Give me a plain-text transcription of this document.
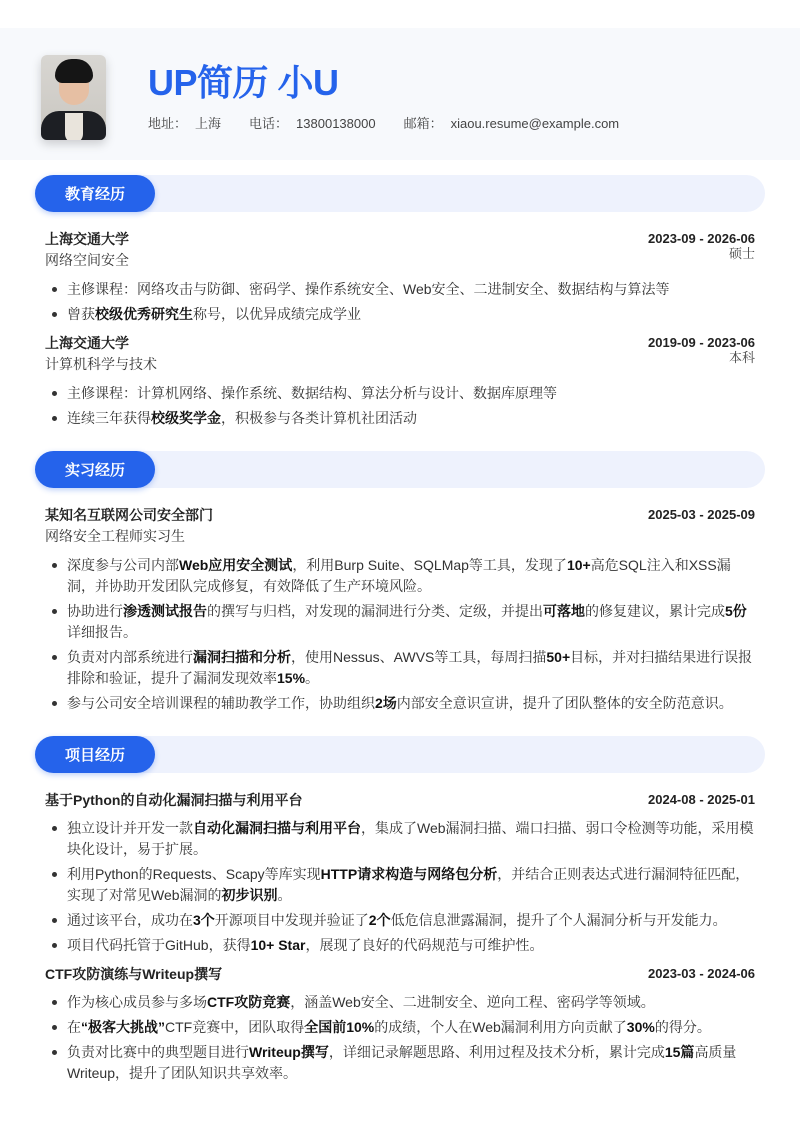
UP简历 小U
地址： 上海 电话： 13800138000 邮箱： xiaou.resume@example.com
教育经历
上海交通大学	2023-09 - 2026-06
网络空间安全	硕士
主修课程：网络攻击与防御、密码学、操作系统安全、Web安全、二进制安全、数据结构与算法等
曾获校级优秀研究生称号，以优异成绩完成学业
上海交通大学	2019-09 - 2023-06
计算机科学与技术	本科
主修课程：计算机网络、操作系统、数据结构、算法分析与设计、数据库原理等
连续三年获得校级奖学金，积极参与各类计算机社团活动
实习经历
某知名互联网公司安全部门	2025-03 - 2025-09
网络安全工程师实习生
深度参与公司内部Web应用安全测试，利用Burp Suite、SQLMap等工具，发现了10+高危SQL注入和XSS漏洞，并协助开发团队完成修复，有效降低了生产环境风险。
协助进行渗透测试报告的撰写与归档，对发现的漏洞进行分类、定级，并提出可落地的修复建议，累计完成5份详细报告。
负责对内部系统进行漏洞扫描和分析，使用Nessus、AWVS等工具，每周扫描50+目标，并对扫描结果进行误报排除和验证，提升了漏洞发现效率15%。
参与公司安全培训课程的辅助教学工作，协助组织2场内部安全意识宣讲，提升了团队整体的安全防范意识。
项目经历
基于Python的自动化漏洞扫描与利用平台	2024-08 - 2025-01
独立设计并开发一款自动化漏洞扫描与利用平台，集成了Web漏洞扫描、端口扫描、弱口令检测等功能，采用模块化设计，易于扩展。
利用Python的Requests、Scapy等库实现HTTP请求构造与网络包分析，并结合正则表达式进行漏洞特征匹配，实现了对常见Web漏洞的初步识别。
通过该平台，成功在3个开源项目中发现并验证了2个低危信息泄露漏洞，提升了个人漏洞分析与开发能力。
项目代码托管于GitHub，获得10+ Star，展现了良好的代码规范与可维护性。
CTF攻防演练与Writeup撰写	2023-03 - 2024-06
作为核心成员参与多场CTF攻防竞赛，涵盖Web安全、二进制安全、逆向工程、密码学等领域。
在“极客大挑战”CTF竞赛中，团队取得全国前10%的成绩，个人在Web漏洞利用方向贡献了30%的得分。
负责对比赛中的典型题目进行Writeup撰写，详细记录解题思路、利用过程及技术分析，累计完成15篇高质量Writeup，提升了团队知识共享效率。
